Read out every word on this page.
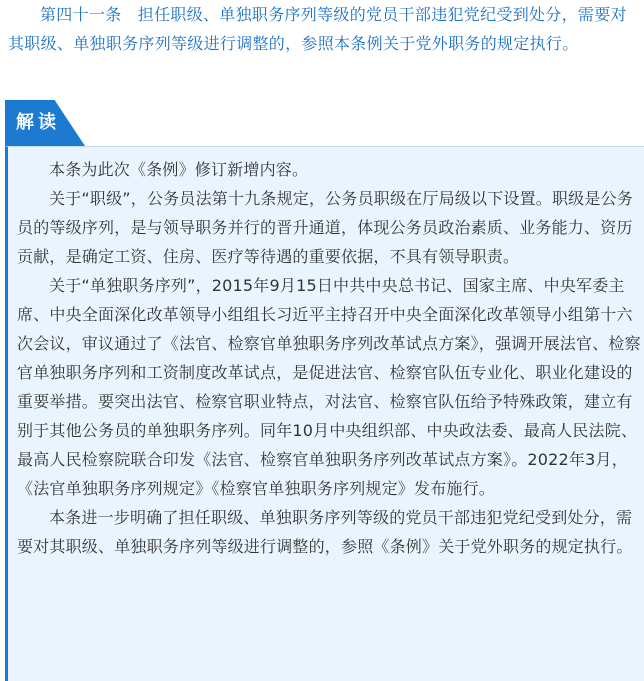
第四十一条　担任职级、单独职务序列等级的党员干部违犯党纪受到处分，需要对其职级、单独职务序列等级进行调整的，参照本条例关于党外职务的规定执行。
解读

本条为此次《条例》修订新增内容。

关于“职级”，公务员法第十九条规定，公务员职级在厅局级以下设置。职级是公务员的等级序列，是与领导职务并行的晋升通道，体现公务员政治素质、业务能力、资历贡献，是确定工资、住房、医疗等待遇的重要依据，不具有领导职责。

关于“单独职务序列”，2015年9月15日中共中央总书记、国家主席、中央军委主席、中央全面深化改革领导小组组长习近平主持召开中央全面深化改革领导小组第十六次会议，审议通过了《法官、检察官单独职务序列改革试点方案》，强调开展法官、检察官单独职务序列和工资制度改革试点，是促进法官、检察官队伍专业化、职业化建设的重要举措。要突出法官、检察官职业特点，对法官、检察官队伍给予特殊政策，建立有别于其他公务员的单独职务序列。同年10月中央组织部、中央政法委、最高人民法院、最高人民检察院联合印发《法官、检察官单独职务序列改革试点方案》。2022年3月，《法官单独职务序列规定》《检察官单独职务序列规定》发布施行。

本条进一步明确了担任职级、单独职务序列等级的党员干部违犯党纪受到处分，需要对其职级、单独职务序列等级进行调整的，参照《条例》关于党外职务的规定执行。
